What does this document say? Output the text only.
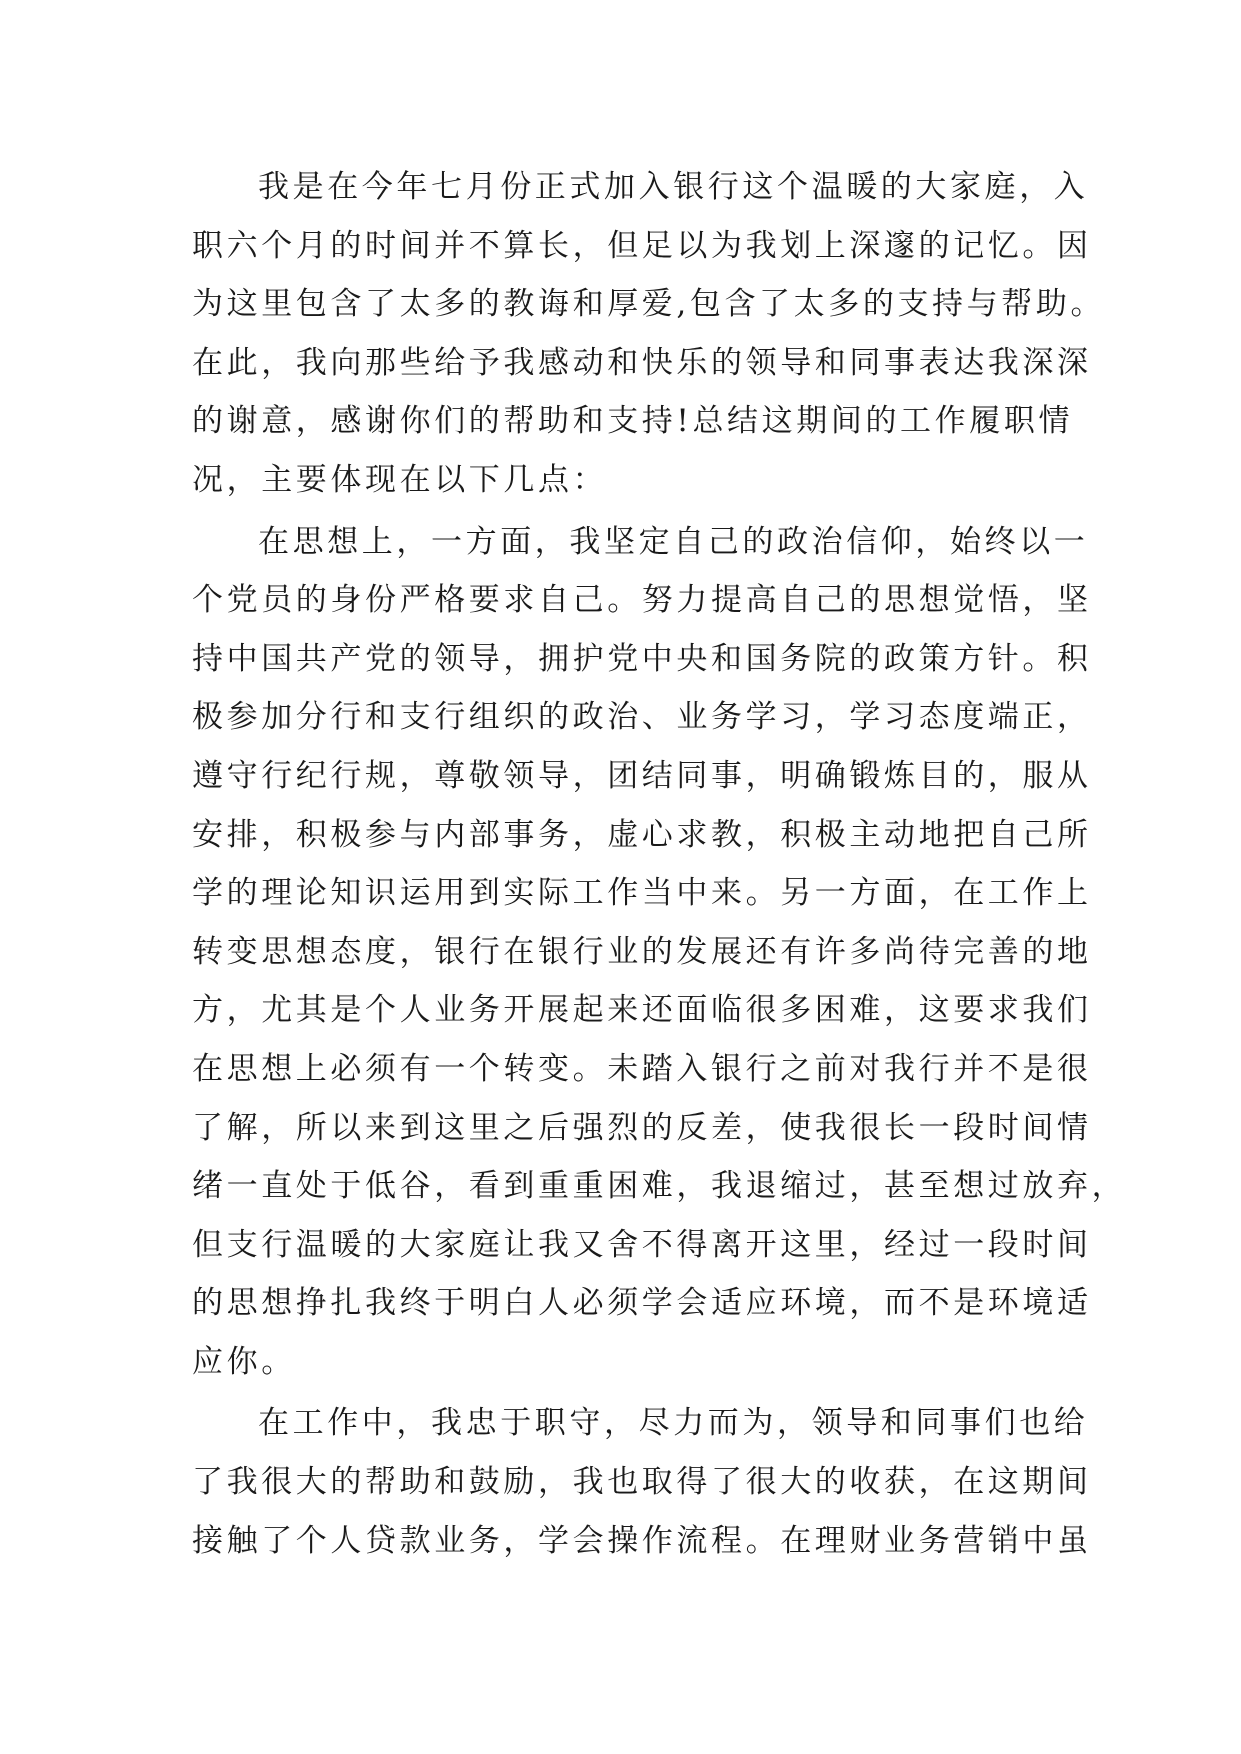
我是在今年七月份正式加入银行这个温暖的大家庭，入
职六个月的时间并不算长，但足以为我划上深邃的记忆。因
为这里包含了太多的教诲和厚爱,包含了太多的支持与帮助。
在此，我向那些给予我感动和快乐的领导和同事表达我深深
的谢意，感谢你们的帮助和支持!总结这期间的工作履职情
况，主要体现在以下几点：
在思想上，一方面，我坚定自己的政治信仰，始终以一
个党员的身份严格要求自己。努力提高自己的思想觉悟，坚
持中国共产党的领导，拥护党中央和国务院的政策方针。积
极参加分行和支行组织的政治、业务学习，学习态度端正，
遵守行纪行规，尊敬领导，团结同事，明确锻炼目的，服从
安排，积极参与内部事务，虚心求教，积极主动地把自己所
学的理论知识运用到实际工作当中来。另一方面，在工作上
转变思想态度，银行在银行业的发展还有许多尚待完善的地
方，尤其是个人业务开展起来还面临很多困难，这要求我们
在思想上必须有一个转变。未踏入银行之前对我行并不是很
了解，所以来到这里之后强烈的反差，使我很长一段时间情
绪一直处于低谷，看到重重困难，我退缩过，甚至想过放弃，
但支行温暖的大家庭让我又舍不得离开这里，经过一段时间
的思想挣扎我终于明白人必须学会适应环境，而不是环境适
应你。
在工作中，我忠于职守，尽力而为，领导和同事们也给
了我很大的帮助和鼓励，我也取得了很大的收获，在这期间
接触了个人贷款业务，学会操作流程。在理财业务营销中虽
